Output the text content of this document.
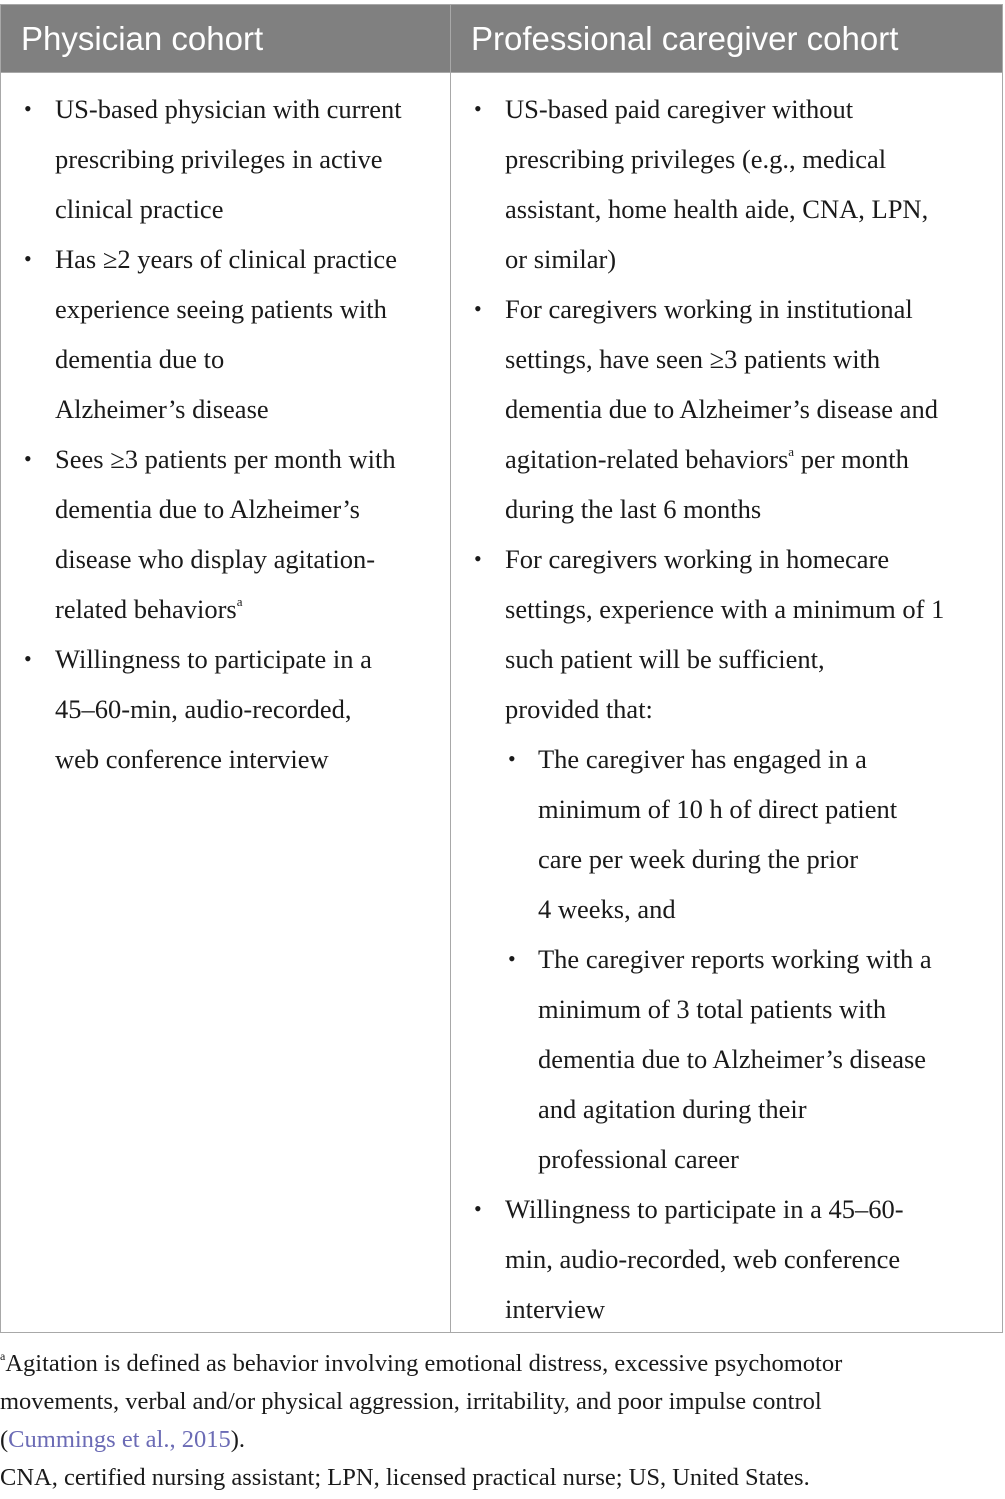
Physician cohort	Professional caregiver cohort
• US-based physician with current
prescribing privileges in active
clinical practice
• Has ≥2 years of clinical practice
experience seeing patients with
dementia due to
Alzheimer’s disease
• Sees ≥3 patients per month with
dementia due to Alzheimer’s
disease who display agitation-
related behaviors$^a$
• Willingness to participate in a
45–60-min, audio-recorded,
web conference interview
• US-based paid caregiver without
prescribing privileges (e.g., medical
assistant, home health aide, CNA, LPN,
or similar)
• For caregivers working in institutional
settings, have seen ≥3 patients with
dementia due to Alzheimer’s disease and
agitation-related behaviors$^a$ per month
during the last 6 months
• For caregivers working in homecare
settings, experience with a minimum of 1
such patient will be sufficient,
provided that:
• The caregiver has engaged in a
minimum of 10 h of direct patient
care per week during the prior
4 weeks, and
• The caregiver reports working with a
minimum of 3 total patients with
dementia due to Alzheimer’s disease
and agitation during their
professional career
• Willingness to participate in a 45–60-
min, audio-recorded, web conference
interview
$^a$Agitation is defined as behavior involving emotional distress, excessive psychomotor
movements, verbal and/or physical aggression, irritability, and poor impulse control
(Cummings et al., 2015).
CNA, certified nursing assistant; LPN, licensed practical nurse; US, United States.
